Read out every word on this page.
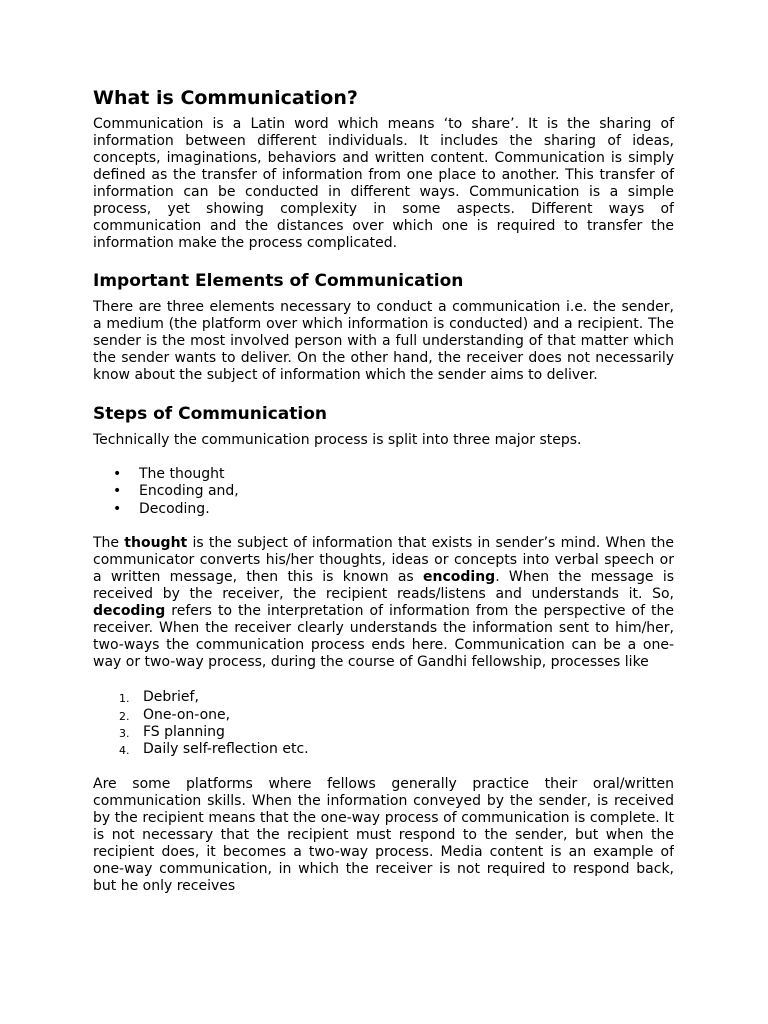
What is Communication?

Communication is a Latin word which means ‘to share’. It is the sharing of information between different individuals. It includes the sharing of ideas, concepts, imaginations, behaviors and written content. Communication is simply defined as the transfer of information from one place to another. This transfer of information can be conducted in different ways. Communication is a simple process, yet showing complexity in some aspects. Different ways of communication and the distances over which one is required to transfer the information make the process complicated.

Important Elements of Communication

There are three elements necessary to conduct a communication i.e. the sender, a medium (the platform over which information is conducted) and a recipient. The sender is the most involved person with a full understanding of that matter which the sender wants to deliver. On the other hand, the receiver does not necessarily know about the subject of information which the sender aims to deliver.

Steps of Communication

Technically the communication process is split into three major steps.

• The thought
• Encoding and,
• Decoding.

The thought is the subject of information that exists in sender’s mind. When the communicator converts his/her thoughts, ideas or concepts into verbal speech or a written message, then this is known as encoding. When the message is received by the receiver, the recipient reads/listens and understands it. So, decoding refers to the interpretation of information from the perspective of the receiver. When the receiver clearly understands the information sent to him/her, two-ways the communication process ends here. Communication can be a one-way or two-way process, during the course of Gandhi fellowship, processes like

1. Debrief,
2. One-on-one,
3. FS planning
4. Daily self-reflection etc.

Are some platforms where fellows generally practice their oral/written communication skills. When the information conveyed by the sender, is received by the recipient means that the one-way process of communication is complete. It is not necessary that the recipient must respond to the sender, but when the recipient does, it becomes a two-way process. Media content is an example of one-way communication, in which the receiver is not required to respond back, but he only receives
